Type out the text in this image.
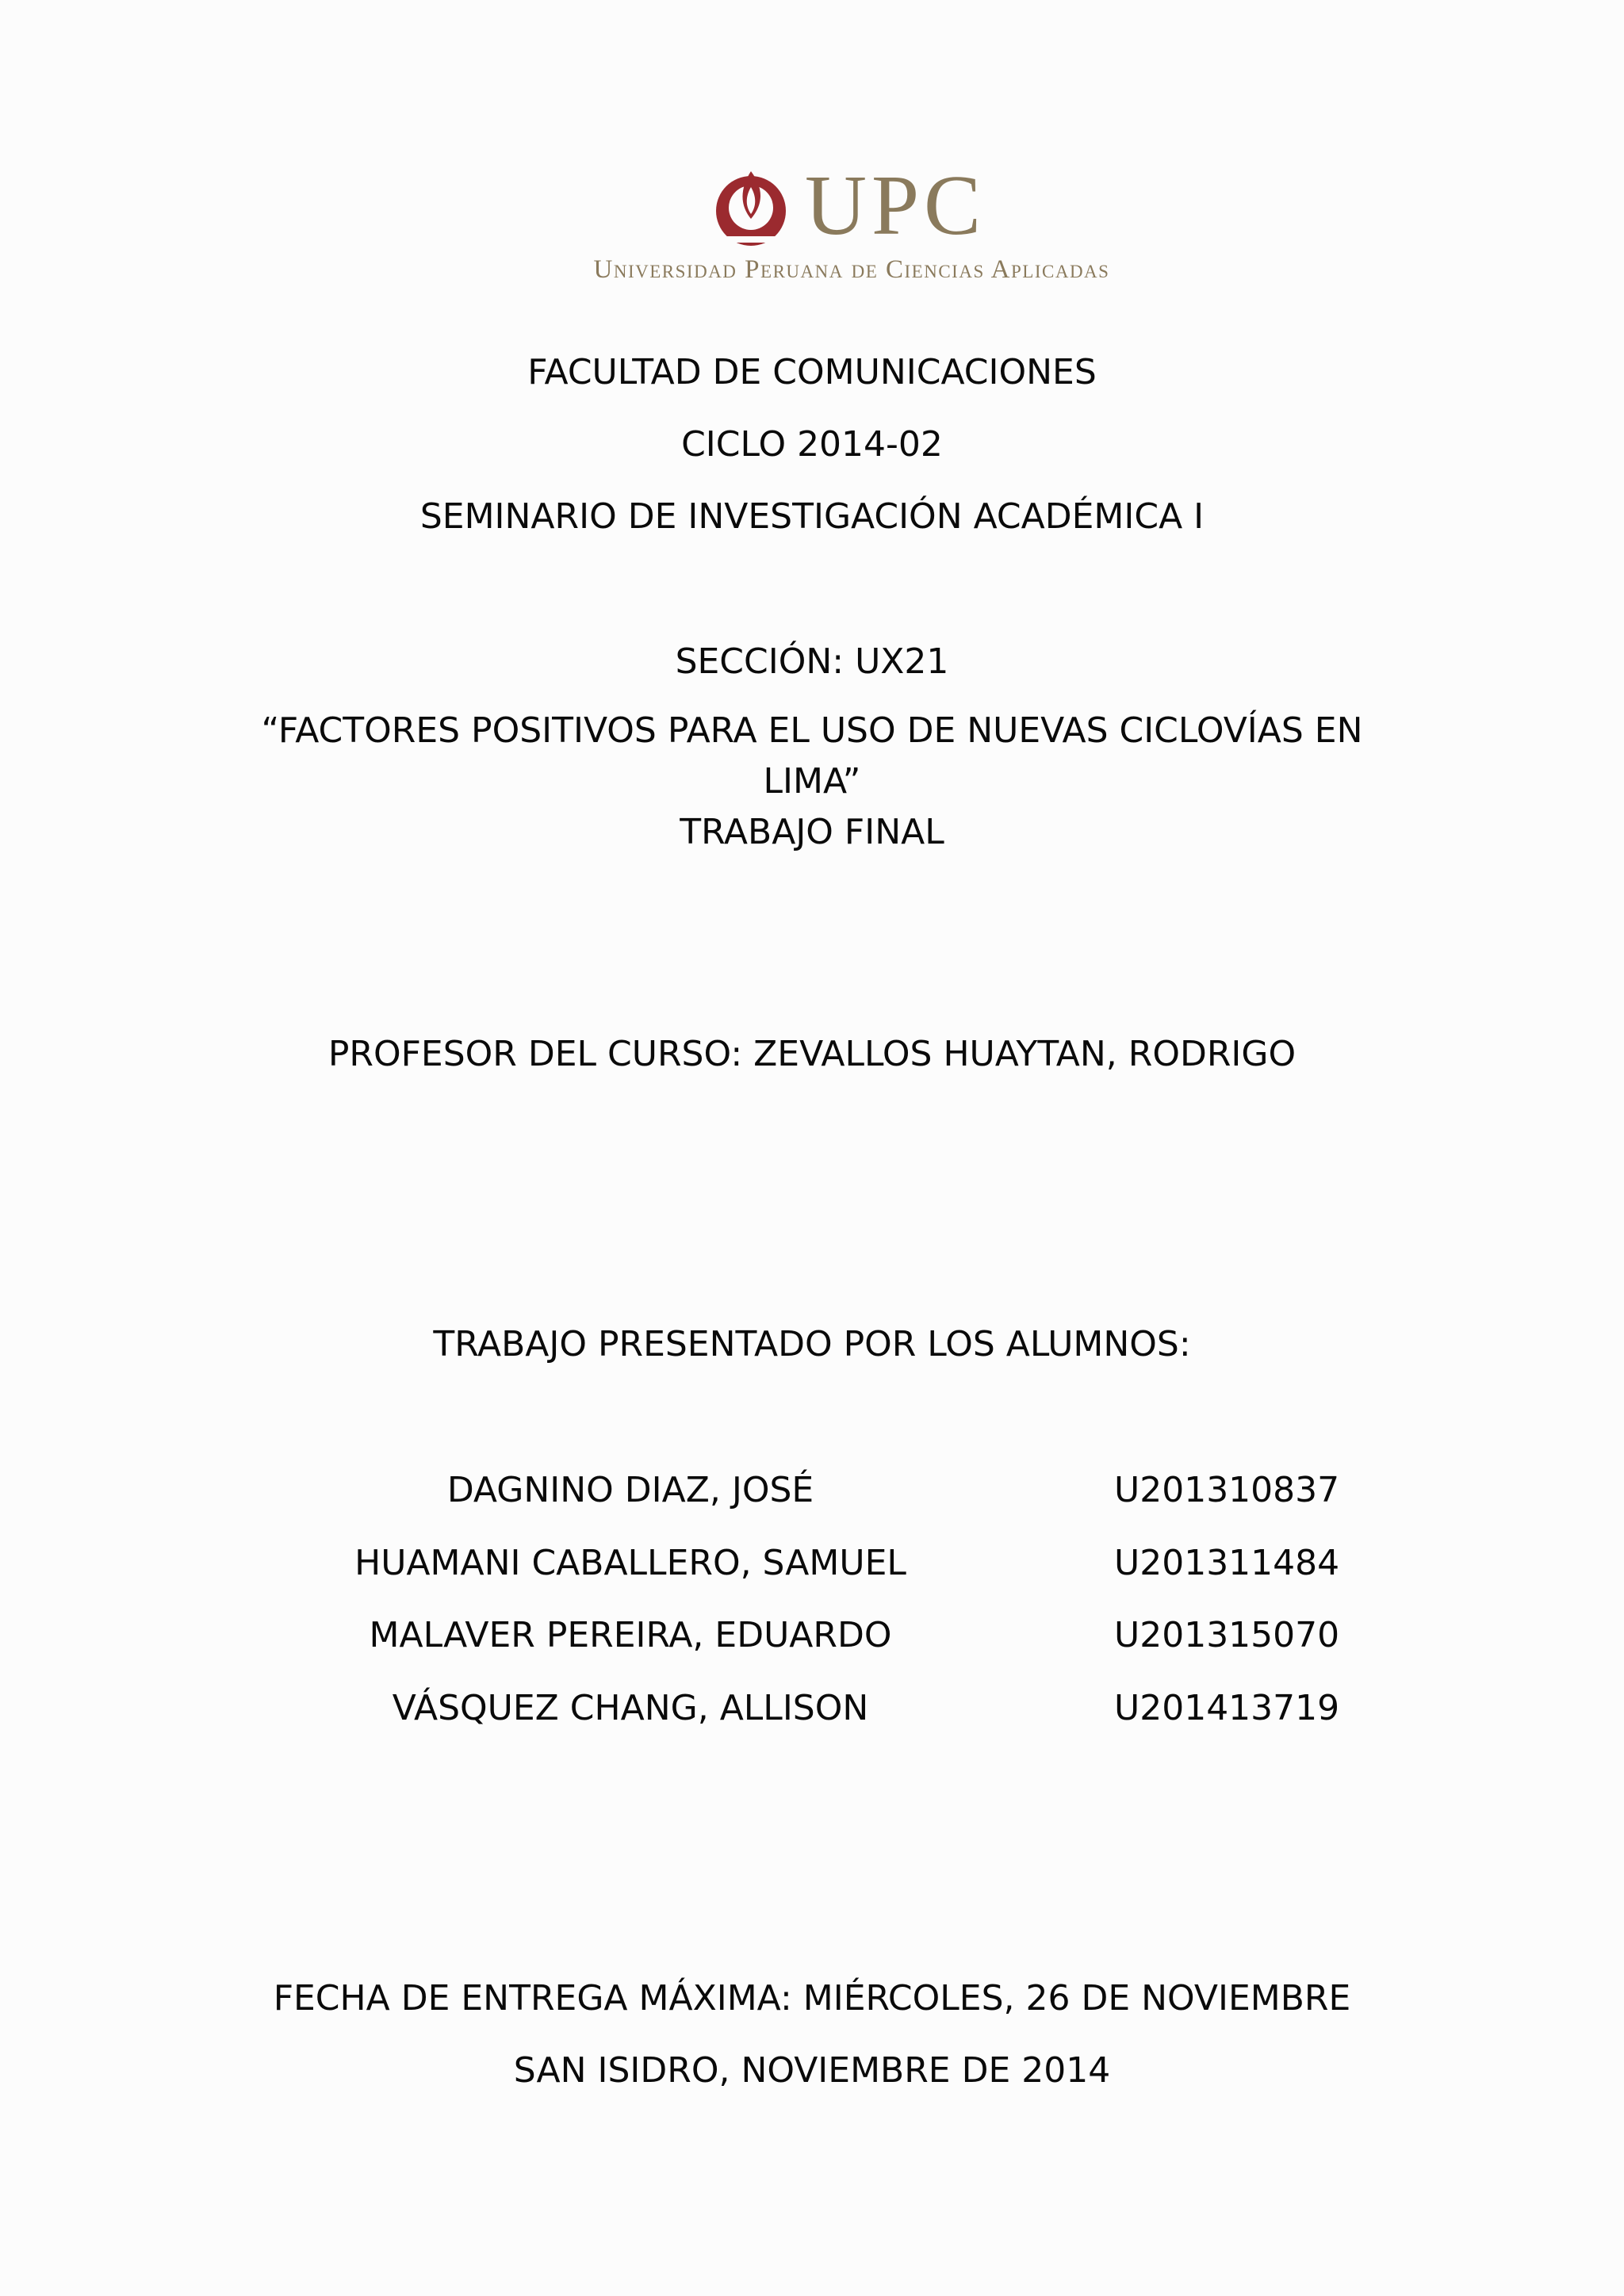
UPC
Universidad Peruana de Ciencias Aplicadas
FACULTAD DE COMUNICACIONES
CICLO 2014-02
SEMINARIO DE INVESTIGACIÓN ACADÉMICA I
SECCIÓN: UX21
“FACTORES POSITIVOS PARA EL USO DE NUEVAS CICLOVÍAS EN
LIMA”
TRABAJO FINAL
PROFESOR DEL CURSO: ZEVALLOS HUAYTAN, RODRIGO
TRABAJO PRESENTADO POR LOS ALUMNOS:
DAGNINO DIAZ, JOSÉ	U201310837
HUAMANI CABALLERO, SAMUEL	U201311484
MALAVER PEREIRA, EDUARDO	U201315070
VÁSQUEZ CHANG, ALLISON	U201413719
FECHA DE ENTREGA MÁXIMA: MIÉRCOLES, 26 DE NOVIEMBRE
SAN ISIDRO, NOVIEMBRE DE 2014
